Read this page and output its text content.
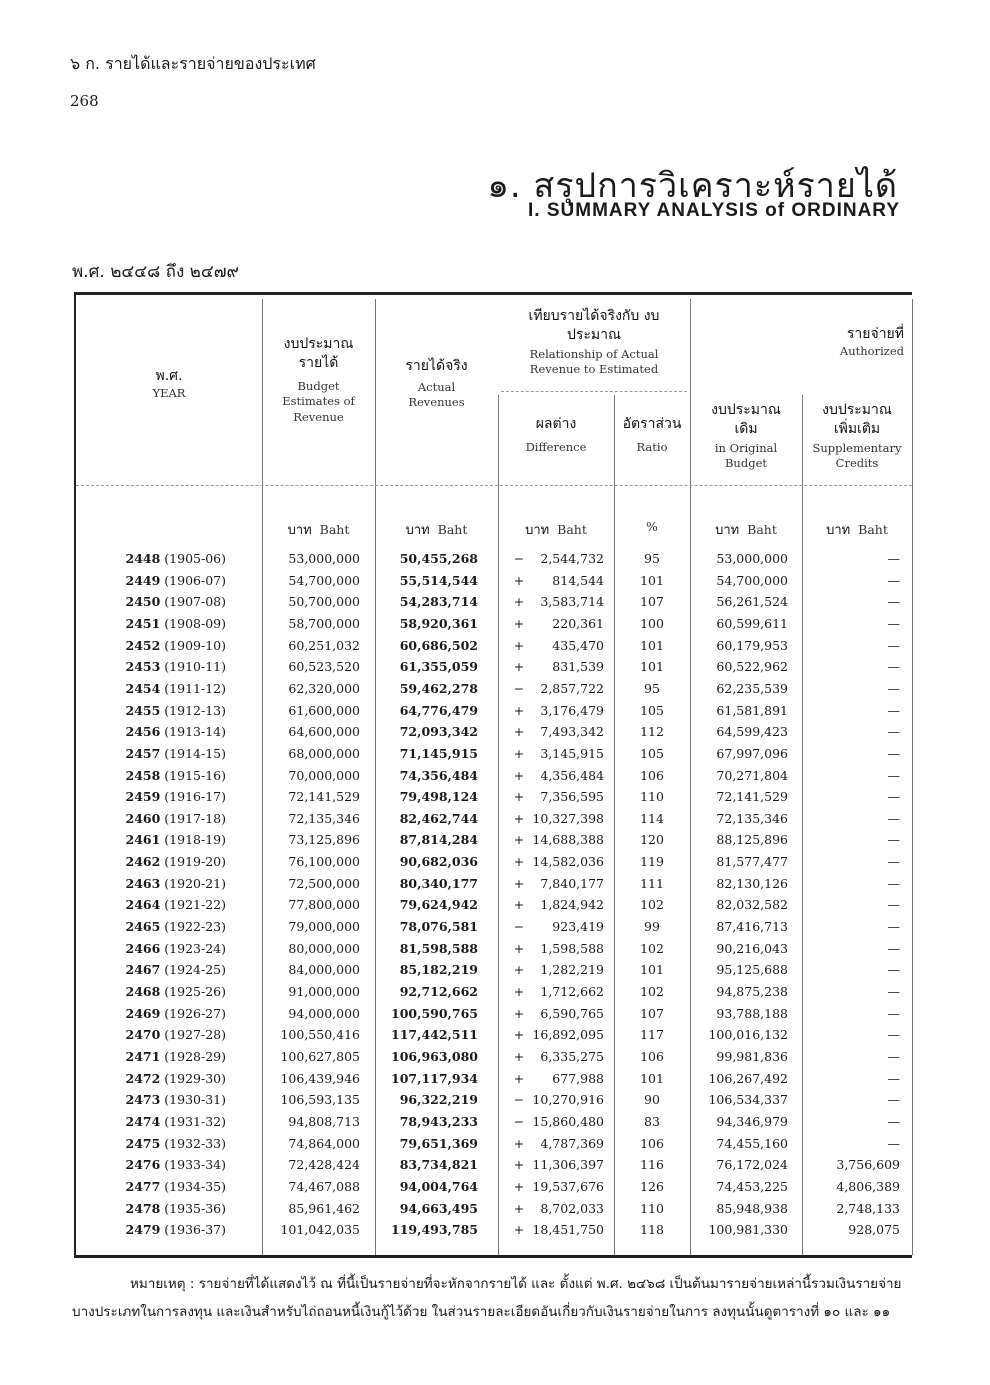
๖ ก. รายได้และรายจ่ายของประเทศ
268
๑. สรุปการวิเคราะห์รายได้
I. SUMMARY ANALYSIS of ORDINARY
พ.ศ. ๒๔๔๘ ถึง ๒๔๗๙
พ.ศ.
YEAR
งบประมาณ รายได้
Budget Estimates of Revenue
รายได้จริง
Actual Revenues
เทียบรายได้จริงกับ งบประมาณ
Relationship of Actual Revenue to Estimated
ผลต่าง
Difference
อัตราส่วน
Ratio
รายจ่ายที่
Authorized
งบประมาณ เดิม
in Original Budget
งบประมาณ เพิ่มเติม
Supplementary Credits
บาท Baht	บาท Baht	บาท Baht	%	บาท Baht	บาท Baht
2448 (1905-06)	53,000,000	50,455,268	−	2,544,732	95	53,000,000	—
2449 (1906-07)	54,700,000	55,514,544	+	814,544	101	54,700,000	—
2450 (1907-08)	50,700,000	54,283,714	+	3,583,714	107	56,261,524	—
2451 (1908-09)	58,700,000	58,920,361	+	220,361	100	60,599,611	—
2452 (1909-10)	60,251,032	60,686,502	+	435,470	101	60,179,953	—
2453 (1910-11)	60,523,520	61,355,059	+	831,539	101	60,522,962	—
2454 (1911-12)	62,320,000	59,462,278	−	2,857,722	95	62,235,539	—
2455 (1912-13)	61,600,000	64,776,479	+	3,176,479	105	61,581,891	—
2456 (1913-14)	64,600,000	72,093,342	+	7,493,342	112	64,599,423	—
2457 (1914-15)	68,000,000	71,145,915	+	3,145,915	105	67,997,096	—
2458 (1915-16)	70,000,000	74,356,484	+	4,356,484	106	70,271,804	—
2459 (1916-17)	72,141,529	79,498,124	+	7,356,595	110	72,141,529	—
2460 (1917-18)	72,135,346	82,462,744	+ 10,327,398	114	72,135,346	—
2461 (1918-19)	73,125,896	87,814,284	+ 14,688,388	120	88,125,896	—
2462 (1919-20)	76,100,000	90,682,036	+ 14,582,036	119	81,577,477	—
2463 (1920-21)	72,500,000	80,340,177	+	7,840,177	111	82,130,126	—
2464 (1921-22)	77,800,000	79,624,942	+	1,824,942	102	82,032,582	—
2465 (1922-23)	79,000,000	78,076,581	−	923,419	99	87,416,713	—
2466 (1923-24)	80,000,000	81,598,588	+	1,598,588	102	90,216,043	—
2467 (1924-25)	84,000,000	85,182,219	+	1,282,219	101	95,125,688	—
2468 (1925-26)	91,000,000	92,712,662	+	1,712,662	102	94,875,238	—
2469 (1926-27)	94,000,000	100,590,765	+	6,590,765	107	93,788,188	—
2470 (1927-28)	100,550,416	117,442,511	+ 16,892,095	117	100,016,132	—
2471 (1928-29)	100,627,805	106,963,080	+	6,335,275	106	99,981,836	—
2472 (1929-30)	106,439,946	107,117,934	+	677,988	101	106,267,492	—
2473 (1930-31)	106,593,135	96,322,219	− 10,270,916	90	106,534,337	—
2474 (1931-32)	94,808,713	78,943,233	− 15,860,480	83	94,346,979	—
2475 (1932-33)	74,864,000	79,651,369	+	4,787,369	106	74,455,160	—
2476 (1933-34)	72,428,424	83,734,821	+ 11,306,397	116	76,172,024	3,756,609
2477 (1934-35)	74,467,088	94,004,764	+ 19,537,676	126	74,453,225	4,806,389
2478 (1935-36)	85,961,462	94,663,495	+	8,702,033	110	85,948,938	2,748,133
2479 (1936-37)	101,042,035	119,493,785	+ 18,451,750	118	100,981,330	928,075
หมายเหตุ : รายจ่ายที่ได้แสดงไว้ ณ ที่นี้เป็นรายจ่ายที่จะหักจากรายได้ และ ตั้งแต่ พ.ศ. ๒๔๖๘ เป็นต้นมารายจ่ายเหล่านี้รวมเงินรายจ่ายบางประเภทในการลงทุน และเงินสำหรับไถ่ถอนหนี้เงินกู้ไว้ด้วย ในส่วนรายละเอียดอันเกี่ยวกับเงินรายจ่ายในการ ลงทุนนั้นดูตารางที่ ๑๐ และ ๑๑
